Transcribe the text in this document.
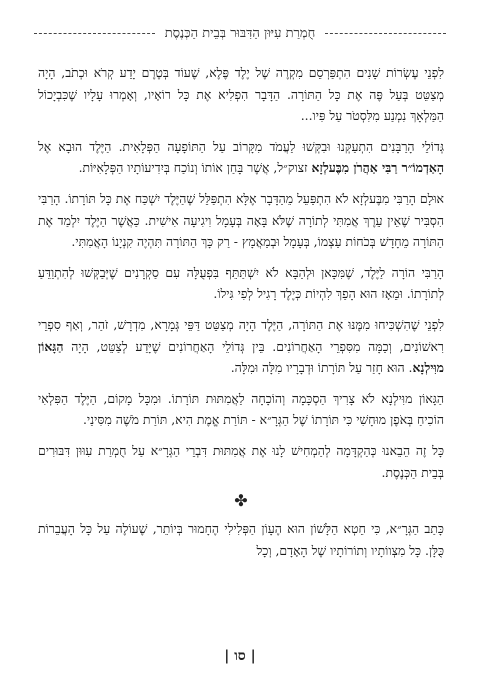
חֻמְרַת עִיּוּן הַדִּבּוּר בְּבֵית הַכְּנֶסֶת

לִפְנֵי עֶשְׂרוֹת שָׁנִים הִתְפַּרְסֵם מִקְרֶה שֶׁל יֶלֶד פֶּלֶא, שֶׁעוֹד בְּטֶרֶם יָדַע קְרֹא וּכְתֹב, הָיָה מְצַטֵּט בְּעַל פֶּה אֶת כָּל הַתּוֹרָה. הַדָּבָר הִפְלִיא אֶת כָּל רוֹאָיו, וְאָמְרוּ עָלָיו שֶׁכִּבְיָכוֹל הַמַּלְאָךְ נִמְנַע מִלִּסְטֹר עַל פִּיו...

גְּדוֹלֵי הָרַבָּנִים הִתְעַקְּנוּ וּבִקְּשׁוּ לַעֲמֹד מִקָּרוֹב עַל הַתּוֹפָעָה הַפְּלָאִית. הַיֶּלֶד הוּבָא אֶל הָאַדְמוֹ״ר רַבִּי אַהֲרֹן מִבֶּעלְזָא זצוק״ל, אֲשֶׁר בָּחַן אוֹתוֹ וְנוֹכַח בְּיִדִיעוֹתָיו הַפְּלָאִיּוֹת.

אוּלָם הָרַבִּי מִבֶּעלְזָא לֹא הִתְפַּעֵל מֵהַדָּבָר אֶלָּא הִתְפַּלֵּל שֶׁהַיֶּלֶד יִשְׁכַּח אֶת כָּל תּוֹרָתוֹ. הָרַבִּי הִסְבִּיר שֶׁאֵין עֵרֶךְ אֲמִתִּי לְתוֹרָה שֶׁלֹּא בָּאָה בְּעָמָל וִיגִיעָה אִישִׁית. כַּאֲשֶׁר הַיֶּלֶד יִלְמַד אֶת הַתּוֹרָה מֵחָדָשׁ בְּכֹחוֹת עַצְמוֹ, בְּעָמָל וּבְמַאֲמָץ - רַק כָּךְ הַתּוֹרָה תִּהְיֶה קִנְיָנוֹ הָאֲמִתִּי.

הָרַבִּי הוֹרָה לַיֶּלֶד, שֶׁמִּכָּאן וּלְהַבָּא לֹא יִשְׁתַּתֵּף בִּפְעֻלָּה עִם סַקְרָנִים שֶׁיְּבַקְּשׁוּ לְהִתְוַדֵּעַ לְתוֹרָתוֹ. וּמֵאָז הוּא הָפַךְ לִהְיוֹת כְּיֶלֶד רָגִיל לְפִי גִּילוֹ.

לִפְנֵי שֶׁהִשְׁכִּיחוּ מִמֶּנּוּ אֶת הַתּוֹרָה, הַיֶּלֶד הָיָה מְצַטֵּט דַּפֵּי גְּמָרָא, מִדְרָשׁ, זֹהַר, וְאַף סִפְרֵי רִאשׁוֹנִים, וְכַמָּה מִסִּפְרֵי הָאַחֲרוֹנִים. בֵּין גְּדוֹלֵי הָאַחֲרוֹנִים שֶׁיָּדַע לְצַטֵּט, הָיָה הַגָּאוֹן מוִּילְנָא. הוּא חָזַר עַל תּוֹרָתוֹ וּדְבָרָיו מִלָּה וּמִלָּה.

הַגָּאוֹן מוִּילְנָא לֹא צָרִיךְ הַסְכָּמָה וְהוֹכָחָה לַאֲמִתּוּת תּוֹרָתוֹ. וּמִכָּל מָקוֹם, הַיֶּלֶד הַפִּלְאִי הוֹכִיחַ בְּאֹפֶן מוּחָשִׁי כִּי תּוֹרָתוֹ שֶׁל הַגְּרָ״א - תּוֹרַת אֱמֶת הִיא, תּוֹרַת מֹשֶׁה מִסִּינַי.

כָּל זֶה הֵבֵאנוּ כְּהַקְדָּמָה לְהַמְחִישׁ לָנוּ אֶת אֲמִתּוּת דִּבְרֵי הַגְּרָ״א עַל חֻמְרַת עִוּוּן דִּבּוּרִים בְּבֵית הַכְּנֶסֶת.

✤

כָּתַב הַגְּרָ״א, כִּי חֵטְא הַלָּשׁוֹן הוּא הֶעָוֹן הַפְּלִילִי הֶחָמוּר בְּיוֹתֵר, שֶׁעוֹלֶה עַל כָּל הָעֲבֵרוֹת כֻּלָּן. כָּל מִצְווֹתָיו וְתוֹרוֹתָיו שֶׁל הָאָדָם, וְכָל

| סו |
